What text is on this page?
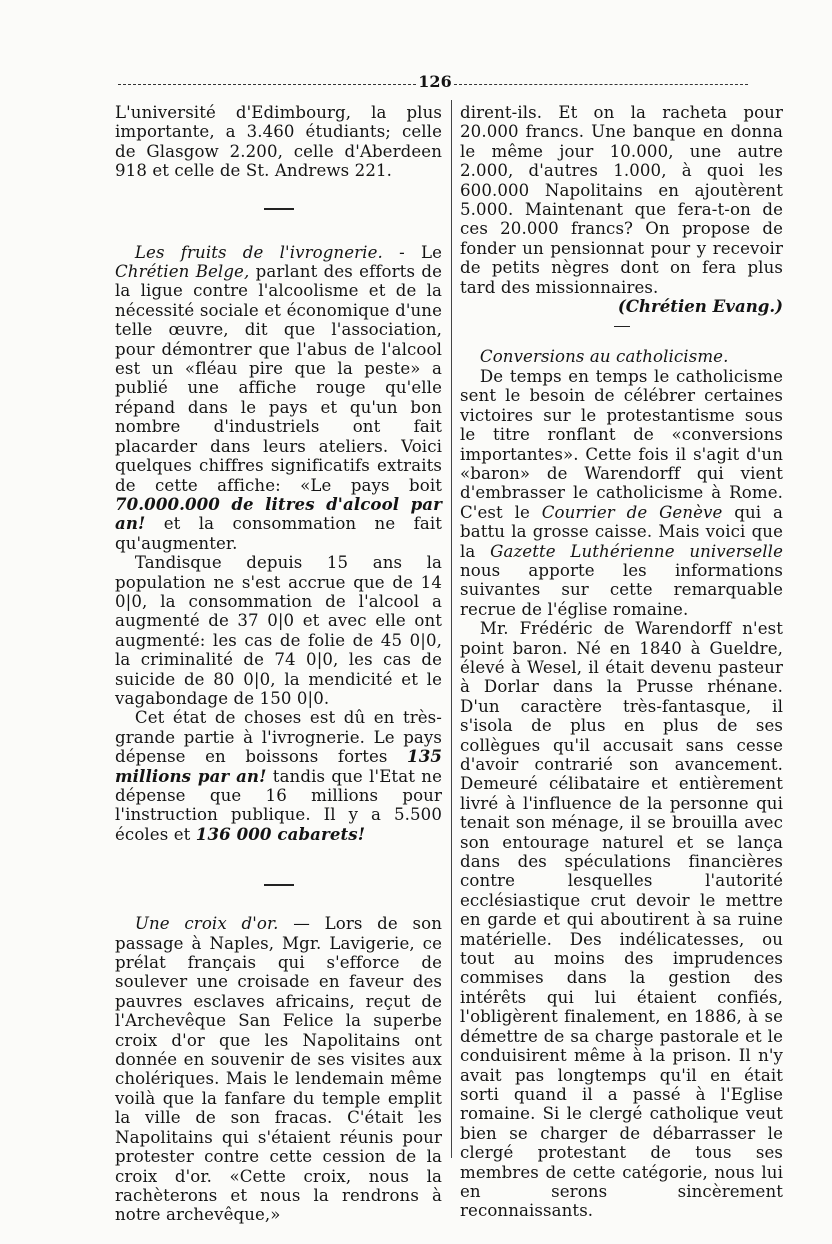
126

L'université d'Edimbourg, la plus importante, a 3.460 étudiants; celle de Glasgow 2.200, celle d'Aberdeen 918 et celle de St. Andrews 221.

Les fruits de l'ivrognerie. - Le Chrétien Belge, parlant des efforts de la ligue contre l'alcoolisme et de la nécessité sociale et économique d'une telle œuvre, dit que l'association, pour démontrer que l'abus de l'alcool est un «fléau pire que la peste» a publié une affiche rouge qu'elle répand dans le pays et qu'un bon nombre d'industriels ont fait placarder dans leurs ateliers. Voici quelques chiffres significatifs extraits de cette affiche: «Le pays boit 70.000.000 de litres d'alcool par an! et la consommation ne fait qu'augmenter.

Tandisque depuis 15 ans la population ne s'est accrue que de 14 0|0, la consommation de l'alcool a augmenté de 37 0|0 et avec elle ont augmenté: les cas de folie de 45 0|0, la criminalité de 74 0|0, les cas de suicide de 80 0|0, la mendicité et le vagabondage de 150 0|0.

Cet état de choses est dû en très-grande partie à l'ivrognerie. Le pays dépense en boissons fortes 135 millions par an! tandis que l'Etat ne dépense que 16 millions pour l'instruction publique. Il y a 5.500 écoles et 136 000 cabarets!

Une croix d'or. — Lors de son passage à Naples, Mgr. Lavigerie, ce prélat français qui s'efforce de soulever une croisade en faveur des pauvres esclaves africains, reçut de l'Archevêque San Felice la superbe croix d'or que les Napolitains ont donnée en souvenir de ses visites aux cholériques. Mais le lendemain même voilà que la fanfare du temple emplit la ville de son fracas. C'était les Napolitains qui s'étaient réunis pour protester contre cette cession de la croix d'or. «Cette croix, nous la rachèterons et nous la rendrons à notre archevêque,»

dirent-ils. Et on la racheta pour 20.000 francs. Une banque en donna le même jour 10.000, une autre 2.000, d'autres 1.000, à quoi les 600.000 Napolitains en ajoutèrent 5.000. Maintenant que fera-t-on de ces 20.000 francs? On propose de fonder un pensionnat pour y recevoir de petits nègres dont on fera plus tard des missionnaires.

(Chrétien Evang.)

Conversions au catholicisme.

De temps en temps le catholicisme sent le besoin de célébrer certaines victoires sur le protestantisme sous le titre ronflant de «conversions importantes». Cette fois il s'agit d'un «baron» de Warendorff qui vient d'embrasser le catholicisme à Rome. C'est le Courrier de Genève qui a battu la grosse caisse. Mais voici que la Gazette Luthérienne universelle nous apporte les informations suivantes sur cette remarquable recrue de l'église romaine.

Mr. Frédéric de Warendorff n'est point baron. Né en 1840 à Gueldre, élevé à Wesel, il était devenu pasteur à Dorlar dans la Prusse rhénane. D'un caractère très-fantasque, il s'isola de plus en plus de ses collègues qu'il accusait sans cesse d'avoir contrarié son avancement. Demeuré célibataire et entièrement livré à l'influence de la personne qui tenait son ménage, il se brouilla avec son entourage naturel et se lança dans des spéculations financières contre lesquelles l'autorité ecclésiastique crut devoir le mettre en garde et qui aboutirent à sa ruine matérielle. Des indélicatesses, ou tout au moins des imprudences commises dans la gestion des intérêts qui lui étaient confiés, l'obligèrent finalement, en 1886, à se démettre de sa charge pastorale et le conduisirent même à la prison. Il n'y avait pas longtemps qu'il en était sorti quand il a passé à l'Eglise romaine. Si le clergé catholique veut bien se charger de débarrasser le clergé protestant de tous ses membres de cette catégorie, nous lui en serons sincèrement reconnaissants.
